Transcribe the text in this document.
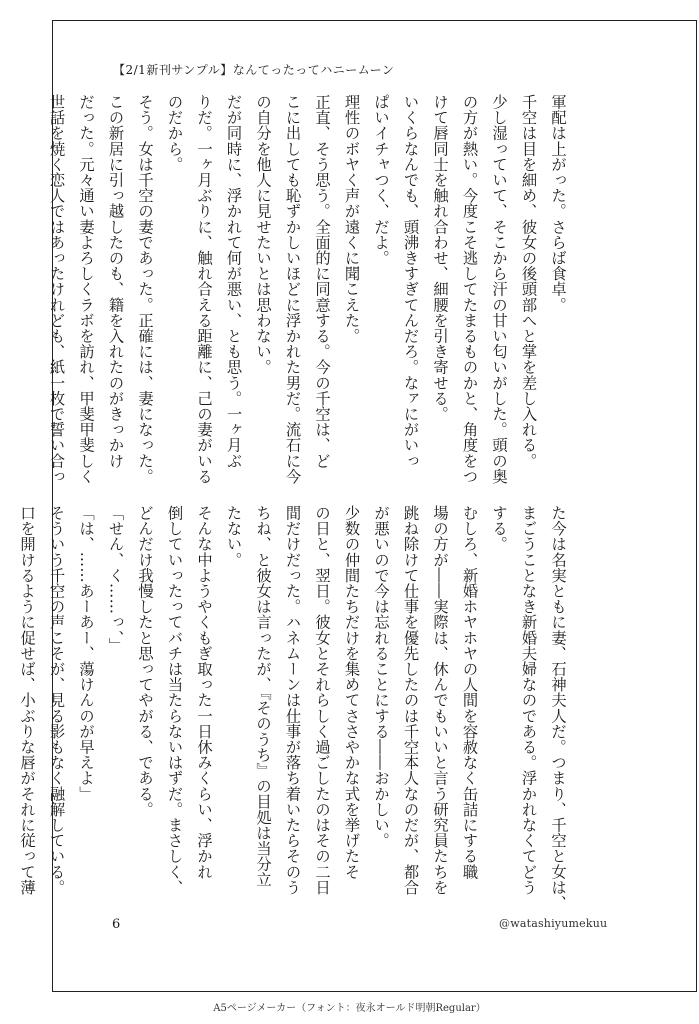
【2/1新刊サンプル】なんてったってハニームーン

軍配は上がった。さらば食卓。

千空は目を細め、彼女の後頭部へと掌を差し入れる。

少し湿っていて、そこから汗の甘い匂いがした。頭の奥

の方が熱い。今度こそ逃してたまるものかと、角度をつ

けて唇同士を触れ合わせ、細腰を引き寄せる。

いくらなんでも、頭沸きすぎてんだろ。なァにがいっ

ぱいイチャつく、だよ。

理性のボヤく声が遠くに聞こえた。

正直、そう思う。全面的に同意する。今の千空は、ど

こに出しても恥ずかしいほどに浮かれた男だ。流石に今

の自分を他人に見せたいとは思わない。

だが同時に、浮かれて何が悪い、とも思う。一ヶ月ぶ

りだ。一ヶ月ぶりに、触れ合える距離に、己の妻がいる

のだから。

そう。女は千空の妻であった。正確には、妻になった。

この新居に引っ越したのも、籍を入れたのがきっかけ

だった。元々通い妻よろしくラボを訪れ、甲斐甲斐しく

世話を焼く恋人ではあったけれども、紙一枚で誓い合っ

た今は名実ともに妻、石神夫人だ。つまり、千空と女は、

まごうことなき新婚夫婦なのである。浮かれなくてどう

する。

むしろ、新婚ホヤホヤの人間を容赦なく缶詰にする職

場の方が――実際は、休んでもいいと言う研究員たちを

跳ね除けて仕事を優先したのは千空本人なのだが、都合

が悪いので今は忘れることにする――おかしい。

少数の仲間たちだけを集めてささやかな式を挙げたそ

の日と、翌日。彼女とそれらしく過ごしたのはその二日

間だけだった。ハネムーンは仕事が落ち着いたらそのう

ちね、と彼女は言ったが、『そのうち』の目処は当分立

たない。

そんな中ようやくもぎ取った一日休みくらい、浮かれ

倒していったってバチは当たらないはずだ。まさしく、

どんだけ我慢したと思ってやがる、である。

「せん、く……っ、」

「は、……あーあー、蕩けんのが早えよ」

そういう千空の声こそが、見る影もなく融解している。

口を開けるように促せば、小ぶりな唇がそれに従って薄

6	@watashiyumekuu
A5ページメーカー（フォント：夜永オールド明朝Regular）
